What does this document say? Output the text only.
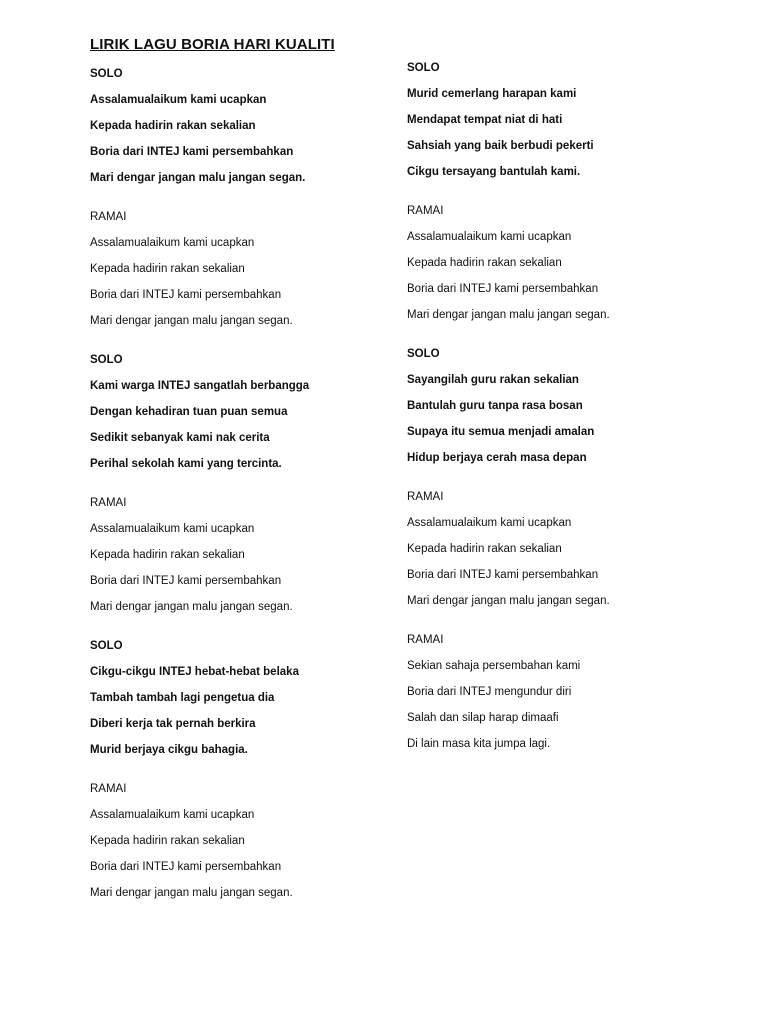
LIRIK LAGU BORIA HARI KUALITI
SOLO
Assalamualaikum kami ucapkan
Kepada hadirin rakan sekalian
Boria dari INTEJ kami persembahkan
Mari dengar jangan malu jangan segan.
RAMAI
Assalamualaikum kami ucapkan
Kepada hadirin rakan sekalian
Boria dari INTEJ kami persembahkan
Mari dengar jangan malu jangan segan.
SOLO
Kami warga INTEJ sangatlah berbangga
Dengan kehadiran tuan puan semua
Sedikit sebanyak kami nak cerita
Perihal sekolah kami yang tercinta.
RAMAI
Assalamualaikum kami ucapkan
Kepada hadirin rakan sekalian
Boria dari INTEJ kami persembahkan
Mari dengar jangan malu jangan segan.
SOLO
Cikgu-cikgu INTEJ hebat-hebat belaka
Tambah tambah lagi pengetua dia
Diberi kerja tak pernah berkira
Murid berjaya cikgu bahagia.
RAMAI
Assalamualaikum kami ucapkan
Kepada hadirin rakan sekalian
Boria dari INTEJ kami persembahkan
Mari dengar jangan malu jangan segan.
SOLO
Murid cemerlang harapan kami
Mendapat tempat niat di hati
Sahsiah yang baik berbudi pekerti
Cikgu tersayang bantulah kami.
RAMAI
Assalamualaikum kami ucapkan
Kepada hadirin rakan sekalian
Boria dari INTEJ kami persembahkan
Mari dengar jangan malu jangan segan.
SOLO
Sayangilah guru rakan sekalian
Bantulah guru tanpa rasa bosan
Supaya itu semua menjadi amalan
Hidup berjaya cerah masa depan
RAMAI
Assalamualaikum kami ucapkan
Kepada hadirin rakan sekalian
Boria dari INTEJ kami persembahkan
Mari dengar jangan malu jangan segan.
RAMAI
Sekian sahaja persembahan kami
Boria dari INTEJ mengundur diri
Salah dan silap harap dimaafi
Di lain masa kita jumpa lagi.
